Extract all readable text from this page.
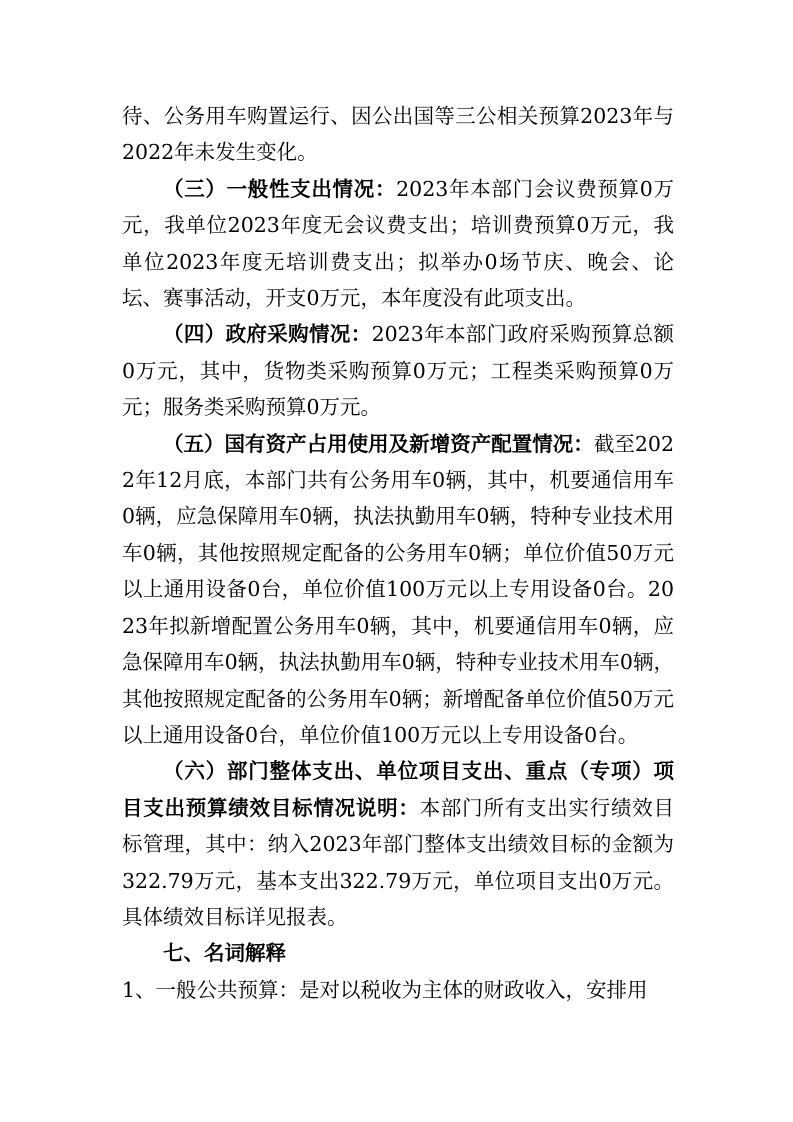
待、公务用车购置运行、因公出国等三公相关预算2023年与2022年未发生变化。

（三）一般性支出情况：2023年本部门会议费预算0万元，我单位2023年度无会议费支出；培训费预算0万元，我单位2023年度无培训费支出；拟举办0场节庆、晚会、论坛、赛事活动，开支0万元，本年度没有此项支出。

（四）政府采购情况：2023年本部门政府采购预算总额0万元，其中，货物类采购预算0万元；工程类采购预算0万元；服务类采购预算0万元。

（五）国有资产占用使用及新增资产配置情况：截至2022年12月底，本部门共有公务用车0辆，其中，机要通信用车0辆，应急保障用车0辆，执法执勤用车0辆，特种专业技术用车0辆，其他按照规定配备的公务用车0辆；单位价值50万元以上通用设备0台，单位价值100万元以上专用设备0台。2023年拟新增配置公务用车0辆，其中，机要通信用车0辆，应急保障用车0辆，执法执勤用车0辆，特种专业技术用车0辆，其他按照规定配备的公务用车0辆；新增配备单位价值50万元以上通用设备0台，单位价值100万元以上专用设备0台。

（六）部门整体支出、单位项目支出、重点（专项）项目支出预算绩效目标情况说明：本部门所有支出实行绩效目标管理，其中：纳入2023年部门整体支出绩效目标的金额为322.79万元，基本支出322.79万元，单位项目支出0万元。具体绩效目标详见报表。

七、名词解释

1、一般公共预算：是对以税收为主体的财政收入，安排用
